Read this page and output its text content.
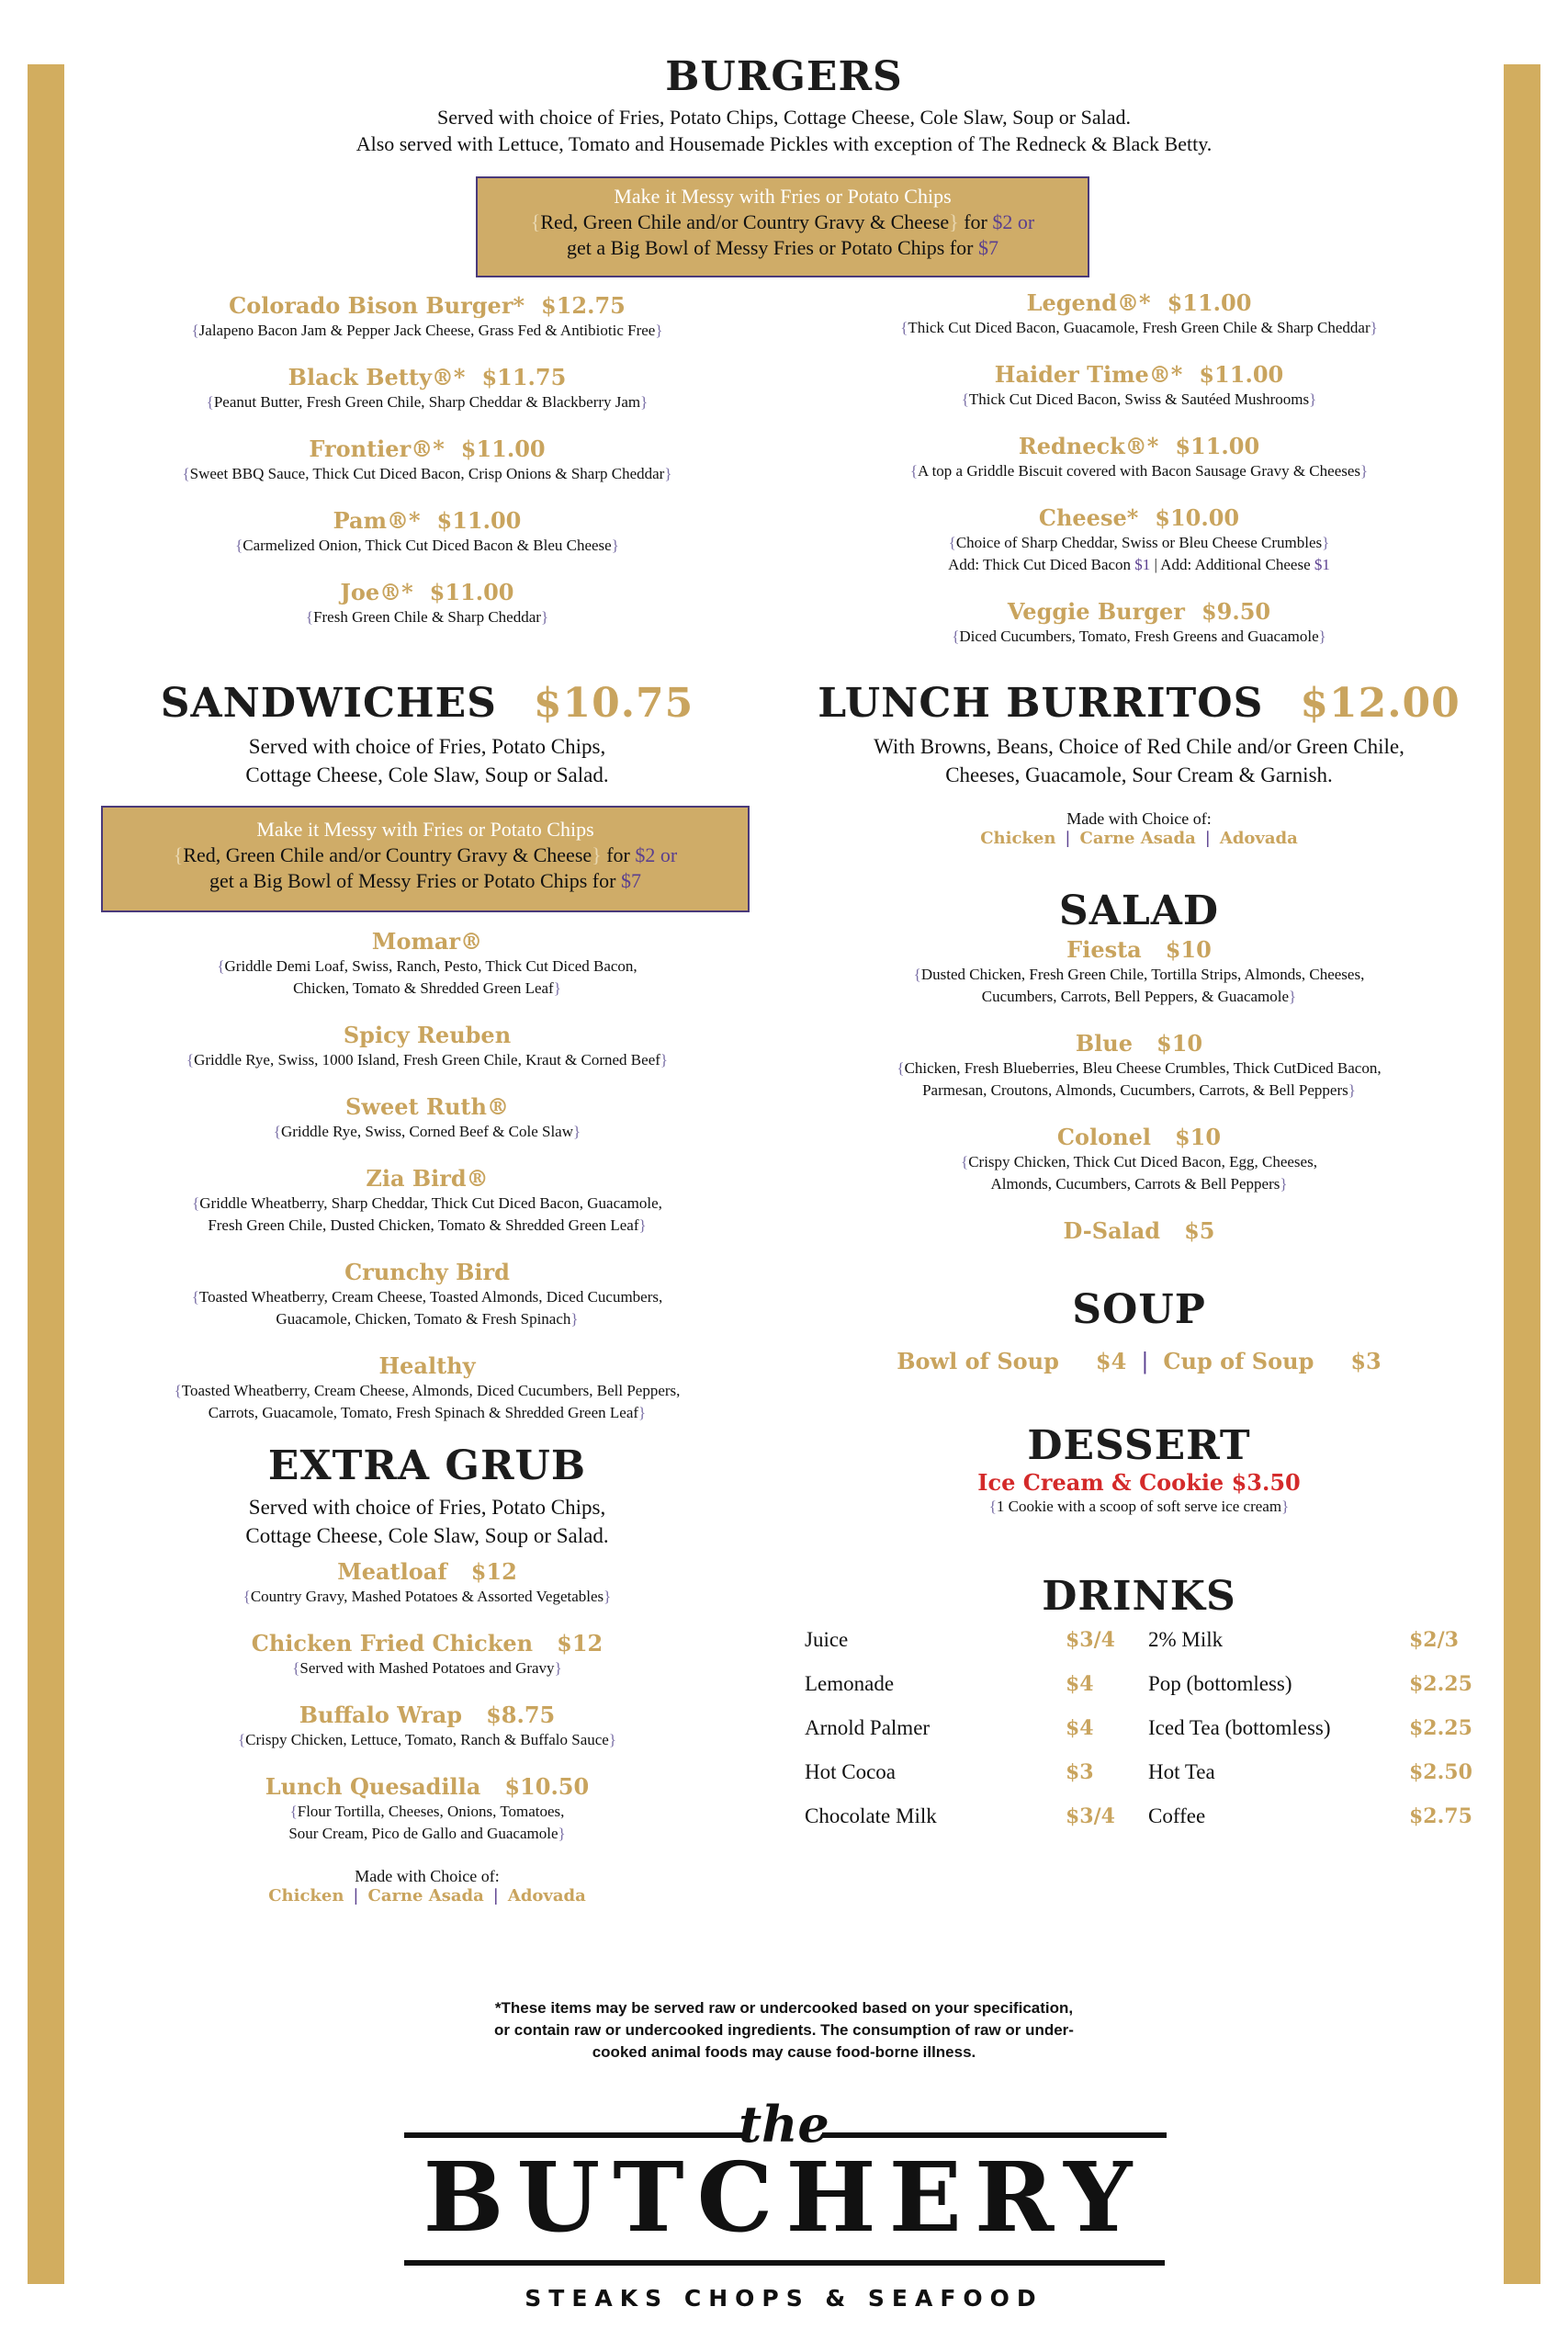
BURGERS
Served with choice of Fries, Potato Chips, Cottage Cheese, Cole Slaw, Soup or Salad.
Also served with Lettuce, Tomato and Housemade Pickles with exception of The Redneck & Black Betty.
Make it Messy with Fries or Potato Chips
{Red, Green Chile and/or Country Gravy & Cheese} for $2 or
get a Big Bowl of Messy Fries or Potato Chips for $7
Colorado Bison Burger* $12.75
{Jalapeno Bacon Jam & Pepper Jack Cheese, Grass Fed & Antibiotic Free}
Black Betty®* $11.75
{Peanut Butter, Fresh Green Chile, Sharp Cheddar & Blackberry Jam}
Frontier®* $11.00
{Sweet BBQ Sauce, Thick Cut Diced Bacon, Crisp Onions & Sharp Cheddar}
Pam®* $11.00
{Carmelized Onion, Thick Cut Diced Bacon & Bleu Cheese}
Joe®* $11.00
{Fresh Green Chile & Sharp Cheddar}
Legend®* $11.00
{Thick Cut Diced Bacon, Guacamole, Fresh Green Chile & Sharp Cheddar}
Haider Time®* $11.00
{Thick Cut Diced Bacon, Swiss & Sautéed Mushrooms}
Redneck®* $11.00
{A top a Griddle Biscuit covered with Bacon Sausage Gravy & Cheeses}
Cheese* $10.00
{Choice of Sharp Cheddar, Swiss or Bleu Cheese Crumbles}
Add: Thick Cut Diced Bacon $1 | Add: Additional Cheese $1
Veggie Burger $9.50
{Diced Cucumbers, Tomato, Fresh Greens and Guacamole}
SANDWICHES $10.75
Served with choice of Fries, Potato Chips,
Cottage Cheese, Cole Slaw, Soup or Salad.
Make it Messy with Fries or Potato Chips
{Red, Green Chile and/or Country Gravy & Cheese} for $2 or
get a Big Bowl of Messy Fries or Potato Chips for $7
Momar®
{Griddle Demi Loaf, Swiss, Ranch, Pesto, Thick Cut Diced Bacon,
Chicken, Tomato & Shredded Green Leaf}
Spicy Reuben
{Griddle Rye, Swiss, 1000 Island, Fresh Green Chile, Kraut & Corned Beef}
Sweet Ruth®
{Griddle Rye, Swiss, Corned Beef & Cole Slaw}
Zia Bird®
{Griddle Wheatberry, Sharp Cheddar, Thick Cut Diced Bacon, Guacamole,
Fresh Green Chile, Dusted Chicken, Tomato & Shredded Green Leaf}
Crunchy Bird
{Toasted Wheatberry, Cream Cheese, Toasted Almonds, Diced Cucumbers,
Guacamole, Chicken, Tomato & Fresh Spinach}
Healthy
{Toasted Wheatberry, Cream Cheese, Almonds, Diced Cucumbers, Bell Peppers,
Carrots, Guacamole, Tomato, Fresh Spinach & Shredded Green Leaf}
EXTRA GRUB
Served with choice of Fries, Potato Chips,
Cottage Cheese, Cole Slaw, Soup or Salad.
Meatloaf $12
{Country Gravy, Mashed Potatoes & Assorted Vegetables}
Chicken Fried Chicken $12
{Served with Mashed Potatoes and Gravy}
Buffalo Wrap $8.75
{Crispy Chicken, Lettuce, Tomato, Ranch & Buffalo Sauce}
Lunch Quesadilla $10.50
{Flour Tortilla, Cheeses, Onions, Tomatoes,
Sour Cream, Pico de Gallo and Guacamole}
Made with Choice of:
Chicken | Carne Asada | Adovada
LUNCH BURRITOS $12.00
With Browns, Beans, Choice of Red Chile and/or Green Chile,
Cheeses, Guacamole, Sour Cream & Garnish.
Made with Choice of:
Chicken | Carne Asada | Adovada
SALAD
Fiesta $10
{Dusted Chicken, Fresh Green Chile, Tortilla Strips, Almonds, Cheeses,
Cucumbers, Carrots, Bell Peppers, & Guacamole}
Blue $10
{Chicken, Fresh Blueberries, Bleu Cheese Crumbles, Thick CutDiced Bacon,
Parmesan, Croutons, Almonds, Cucumbers, Carrots, & Bell Peppers}
Colonel $10
{Crispy Chicken, Thick Cut Diced Bacon, Egg, Cheeses,
Almonds, Cucumbers, Carrots & Bell Peppers}
D-Salad $5
SOUP
Bowl of Soup $4 | Cup of Soup $3
DESSERT
Ice Cream & Cookie $3.50
{1 Cookie with a scoop of soft serve ice cream}
DRINKS
Juice	$3/4
Lemonade	$4
Arnold Palmer	$4
Hot Cocoa	$3
Chocolate Milk	$3/4
2% Milk	$2/3
Pop (bottomless)	$2.25
Iced Tea (bottomless)	$2.25
Hot Tea	$2.50
Coffee	$2.75
*These items may be served raw or undercooked based on your specification,
or contain raw or undercooked ingredients. The consumption of raw or under-
cooked animal foods may cause food-borne illness.
the
BUTCHERY
STEAKS CHOPS & SEAFOOD
